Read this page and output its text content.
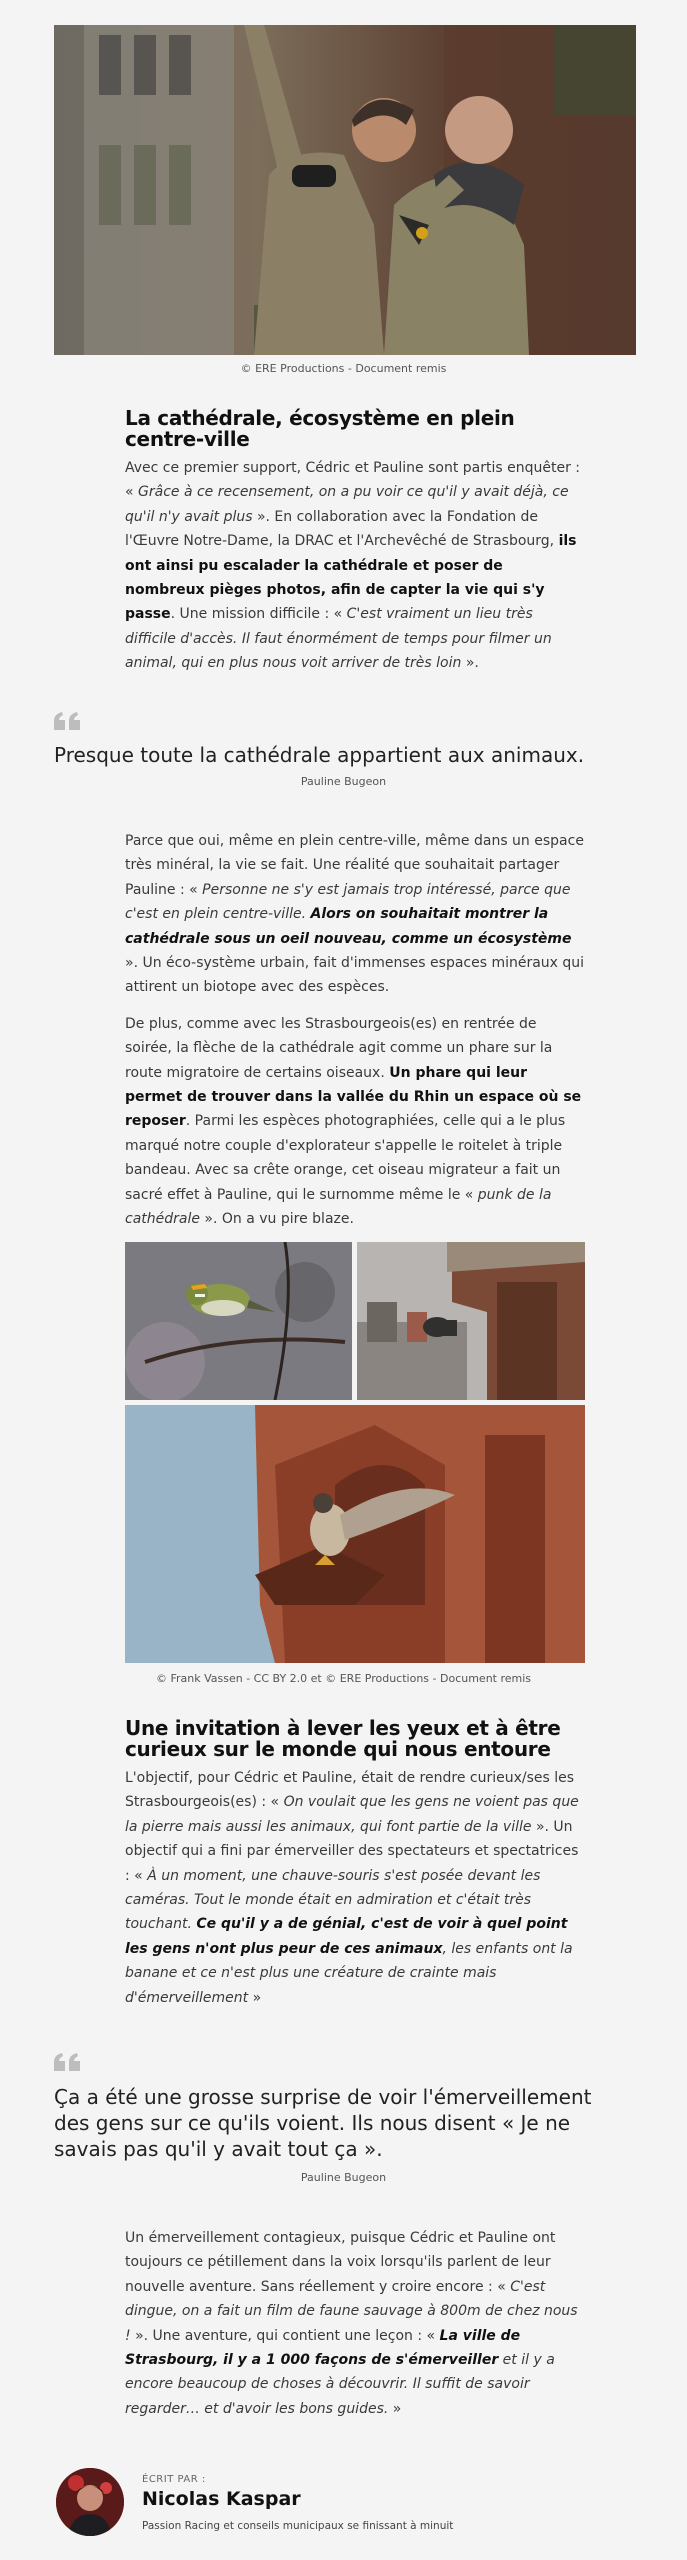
© ERE Productions - Document remis
La cathédrale, écosystème en plein centre-ville

Avec ce premier support, Cédric et Pauline sont partis enquêter : « Grâce à ce recensement, on a pu voir ce qu'il y avait déjà, ce qu'il n'y avait plus ». En collaboration avec la Fondation de l'Œuvre Notre-Dame, la DRAC et l'Archevêché de Strasbourg, ils ont ainsi pu escalader la cathédrale et poser de nombreux pièges photos, afin de capter la vie qui s'y passe. Une mission difficile : « C'est vraiment un lieu très difficile d'accès. Il faut énormément de temps pour filmer un animal, qui en plus nous voit arriver de très loin ».

Presque toute la cathédrale appartient aux animaux.
Pauline Bugeon

Parce que oui, même en plein centre-ville, même dans un espace très minéral, la vie se fait. Une réalité que souhaitait partager Pauline : « Personne ne s'y est jamais trop intéressé, parce que c'est en plein centre-ville. Alors on souhaitait montrer la cathédrale sous un oeil nouveau, comme un écosystème ». Un éco-système urbain, fait d'immenses espaces minéraux qui attirent un biotope avec des espèces.

De plus, comme avec les Strasbourgeois(es) en rentrée de soirée, la flèche de la cathédrale agit comme un phare sur la route migratoire de certains oiseaux. Un phare qui leur permet de trouver dans la vallée du Rhin un espace où se reposer. Parmi les espèces photographiées, celle qui a le plus marqué notre couple d'explorateur s'appelle le roitelet à triple bandeau. Avec sa crête orange, cet oiseau migrateur a fait un sacré effet à Pauline, qui le surnomme même le « punk de la cathédrale ». On a vu pire blaze.

© Frank Vassen - CC BY 2.0 et © ERE Productions - Document remis
Une invitation à lever les yeux et à être curieux sur le monde qui nous entoure

L'objectif, pour Cédric et Pauline, était de rendre curieux/ses les Strasbourgeois(es) : « On voulait que les gens ne voient pas que la pierre mais aussi les animaux, qui font partie de la ville ». Un objectif qui a fini par émerveiller des spectateurs et spectatrices : « À un moment, une chauve-souris s'est posée devant les caméras. Tout le monde était en admiration et c'était très touchant. Ce qu'il y a de génial, c'est de voir à quel point les gens n'ont plus peur de ces animaux, les enfants ont la banane et ce n'est plus une créature de crainte mais d'émerveillement »

Ça a été une grosse surprise de voir l'émerveillement des gens sur ce qu'ils voient. Ils nous disent « Je ne savais pas qu'il y avait tout ça ».
Pauline Bugeon

Un émerveillement contagieux, puisque Cédric et Pauline ont toujours ce pétillement dans la voix lorsqu'ils parlent de leur nouvelle aventure. Sans réellement y croire encore : « C'est dingue, on a fait un film de faune sauvage à 800m de chez nous ! ». Une aventure, qui contient une leçon : « La ville de Strasbourg, il y a 1 000 façons de s'émerveiller et il y a encore beaucoup de choses à découvrir. Il suffit de savoir regarder… et d'avoir les bons guides. »

ÉCRIT PAR :
Nicolas Kaspar
Passion Racing et conseils municipaux se finissant à minuit
